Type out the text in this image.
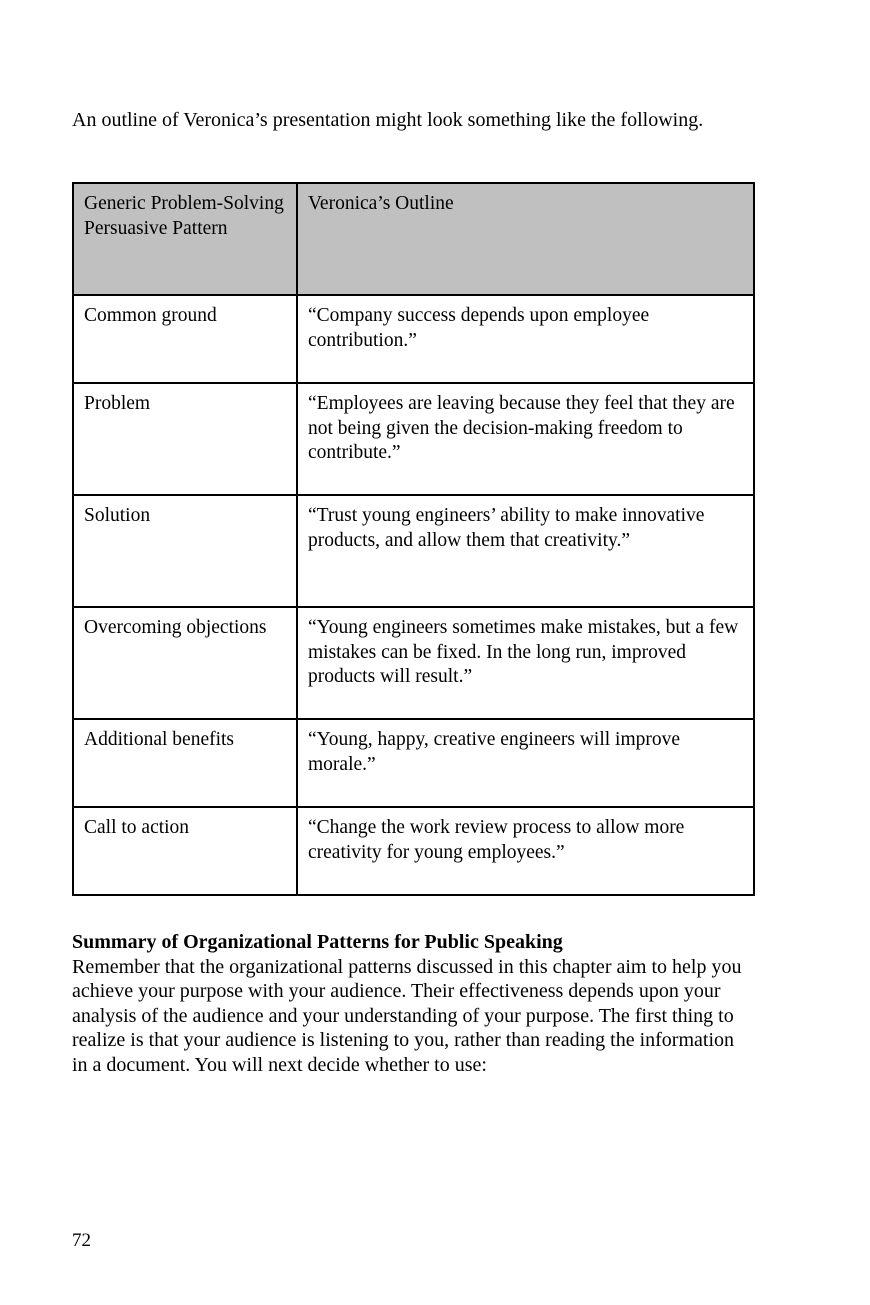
An outline of Veronica’s presentation might look something like the following.

Generic Problem-Solving Persuasive Pattern	Veronica’s Outline
Common ground	“Company success depends upon employee contribution.”
Problem	“Employees are leaving because they feel that they are not being given the decision-making freedom to contribute.”
Solution	“Trust young engineers’ ability to make innovative products, and allow them that creativity.”
Overcoming objections	“Young engineers sometimes make mistakes, but a few mistakes can be fixed. In the long run, improved products will result.”
Additional benefits	“Young, happy, creative engineers will improve morale.”
Call to action	“Change the work review process to allow more creativity for young employees.”
Summary of Organizational Patterns for Public Speaking
Remember that the organizational patterns discussed in this chapter aim to help you achieve your purpose with your audience. Their effectiveness depends upon your analysis of the audience and your understanding of your purpose. The first thing to realize is that your audience is listening to you, rather than reading the information in a document. You will next decide whether to use:
72
